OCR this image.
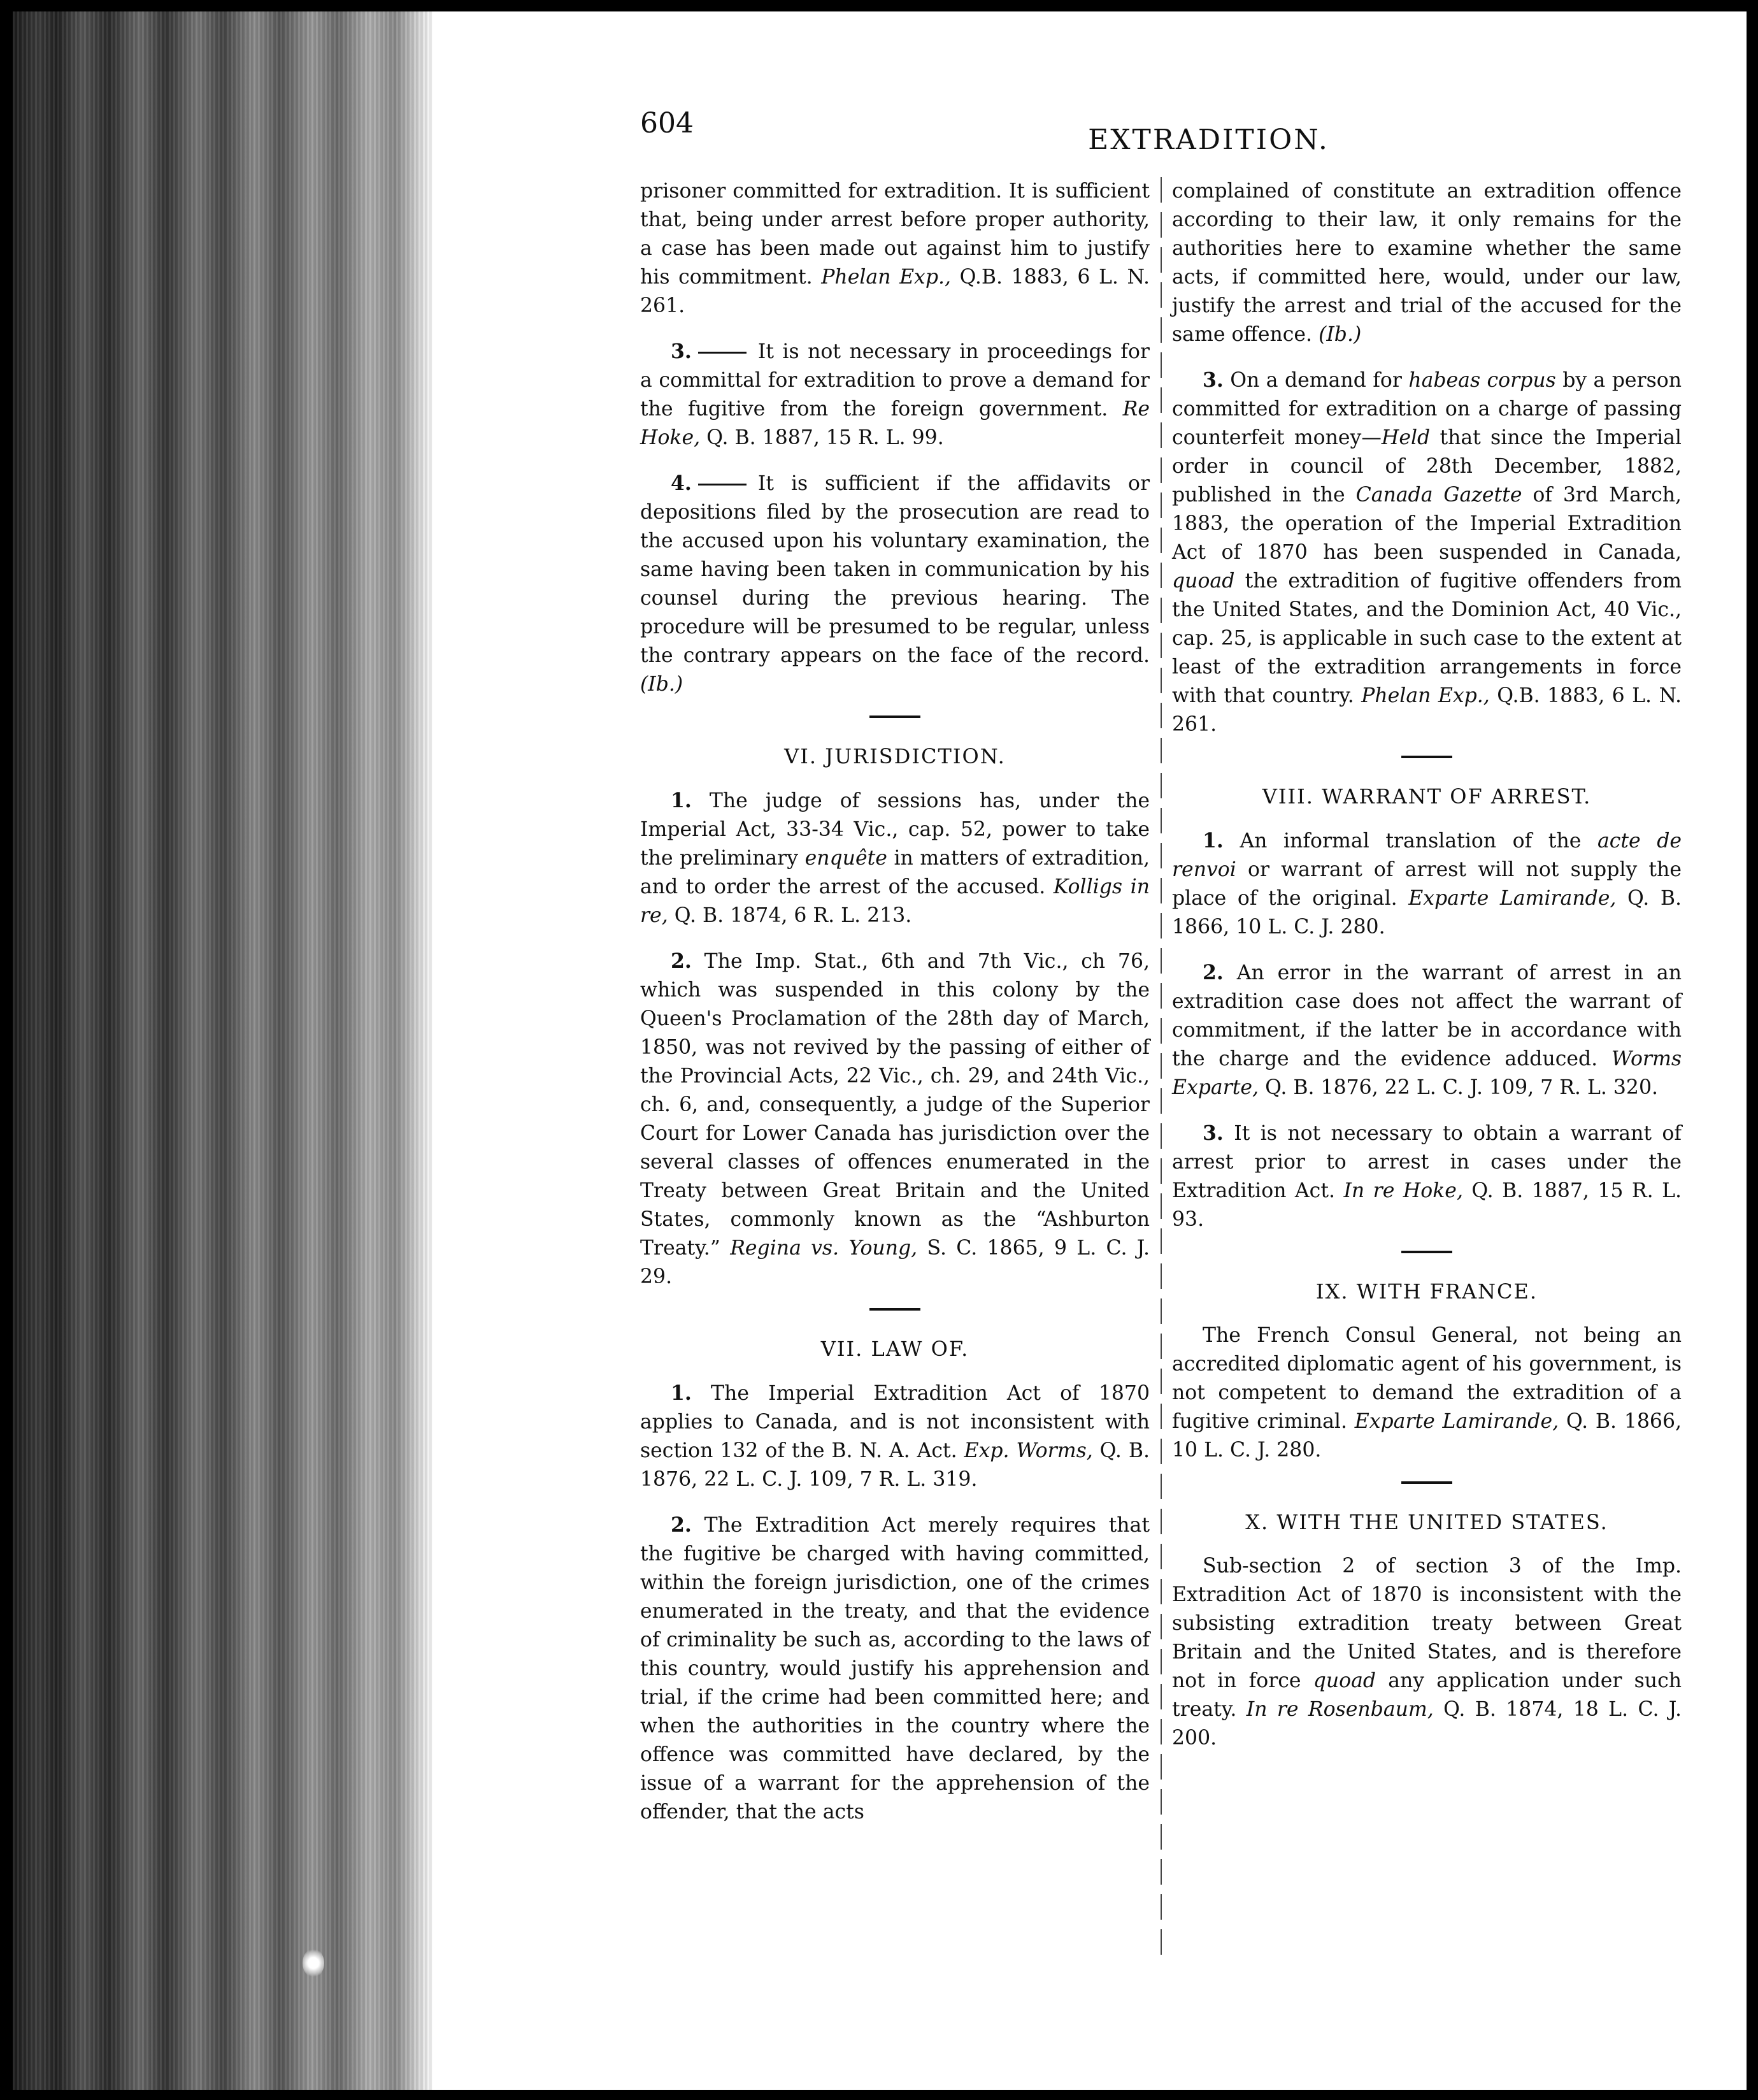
604
EXTRADITION.

prisoner committed for extradition. It is sufficient that, being under arrest before proper authority, a case has been made out against him to justify his commitment. Phelan Exp., Q.B. 1883, 6 L. N. 261.

3.	It is not necessary in proceedings for a committal for extradition to prove a demand for the fugitive from the foreign government. Re Hoke, Q. B. 1887, 15 R. L. 99.

4.	It is sufficient if the affidavits or depositions filed by the prosecution are read to the accused upon his voluntary examination, the same having been taken in communication by his counsel during the previous hearing. The procedure will be presumed to be regular, unless the contrary appears on the face of the record. (Ib.)

VI. JURISDICTION.

1. The judge of sessions has, under the Imperial Act, 33-34 Vic., cap. 52, power to take the preliminary enquête in matters of extradition, and to order the arrest of the accused. Kolligs in re, Q. B. 1874, 6 R. L. 213.

2. The Imp. Stat., 6th and 7th Vic., ch 76, which was suspended in this colony by the Queen's Proclamation of the 28th day of March, 1850, was not revived by the passing of either of the Provincial Acts, 22 Vic., ch. 29, and 24th Vic., ch. 6, and, consequently, a judge of the Superior Court for Lower Canada has jurisdiction over the several classes of offences enumerated in the Treaty between Great Britain and the United States, commonly known as the “Ashburton Treaty.” Regina vs. Young, S. C. 1865, 9 L. C. J. 29.

VII. LAW OF.

1. The Imperial Extradition Act of 1870 applies to Canada, and is not inconsistent with section 132 of the B. N. A. Act. Exp. Worms, Q. B. 1876, 22 L. C. J. 109, 7 R. L. 319.

2. The Extradition Act merely requires that the fugitive be charged with having committed, within the foreign jurisdiction, one of the crimes enumerated in the treaty, and that the evidence of criminality be such as, according to the laws of this country, would justify his apprehension and trial, if the crime had been committed here; and when the authorities in the country where the offence was committed have declared, by the issue of a warrant for the apprehension of the offender, that the acts

complained of constitute an extradition offence according to their law, it only remains for the authorities here to examine whether the same acts, if committed here, would, under our law, justify the arrest and trial of the accused for the same offence. (Ib.)

3. On a demand for habeas corpus by a person committed for extradition on a charge of passing counterfeit money—Held that since the Imperial order in council of 28th December, 1882, published in the Canada Gazette of 3rd March, 1883, the operation of the Imperial Extradition Act of 1870 has been suspended in Canada, quoad the extradition of fugitive offenders from the United States, and the Dominion Act, 40 Vic., cap. 25, is applicable in such case to the extent at least of the extradition arrangements in force with that country. Phelan Exp., Q.B. 1883, 6 L. N. 261.

VIII. WARRANT OF ARREST.

1. An informal translation of the acte de renvoi or warrant of arrest will not supply the place of the original. Exparte Lamirande, Q. B. 1866, 10 L. C. J. 280.

2. An error in the warrant of arrest in an extradition case does not affect the warrant of commitment, if the latter be in accordance with the charge and the evidence adduced. Worms Exparte, Q. B. 1876, 22 L. C. J. 109, 7 R. L. 320.

3. It is not necessary to obtain a warrant of arrest prior to arrest in cases under the Extradition Act. In re Hoke, Q. B. 1887, 15 R. L. 93.

IX. WITH FRANCE.

The French Consul General, not being an accredited diplomatic agent of his government, is not competent to demand the extradition of a fugitive criminal. Exparte Lamirande, Q. B. 1866, 10 L. C. J. 280.

X. WITH THE UNITED STATES.

Sub-section 2 of section 3 of the Imp. Extradition Act of 1870 is inconsistent with the subsisting extradition treaty between Great Britain and the United States, and is therefore not in force quoad any application under such treaty. In re Rosenbaum, Q. B. 1874, 18 L. C. J. 200.
